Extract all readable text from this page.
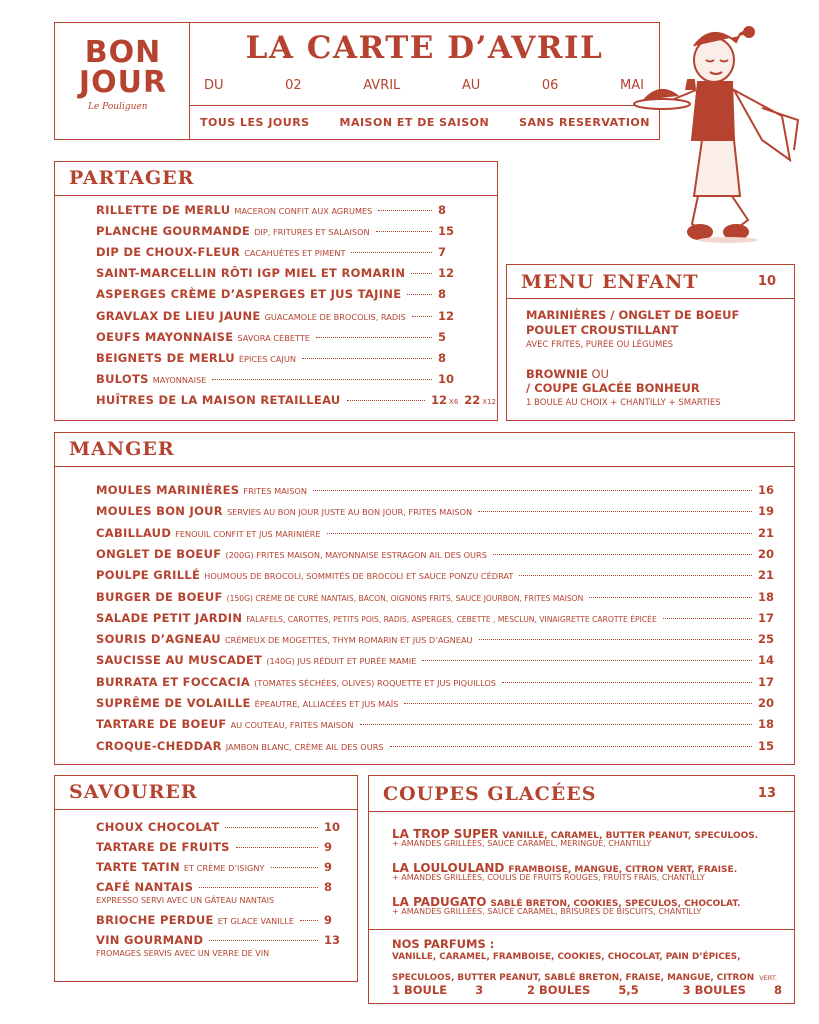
BON
JOUR
Le Pouliguen
LA CARTE D’AVRIL
DU	02	AVRIL	AU	06	MAI
TOUS LES JOURS	MAISON ET DE SAISON	SANS RESERVATION
PARTAGER
RILLETTE DE MERLU MACERON CONFIT AUX AGRUMES	8
PLANCHE GOURMANDE DIP, FRITURES ET SALAISON	15
DIP DE CHOUX-FLEUR CACAHUÈTES ET PIMENT	7
SAINT-MARCELLIN RÔTI IGP MIEL ET ROMARIN	12
ASPERGES CRÈME D’ASPERGES ET JUS TAJINE	8
GRAVLAX DE LIEU JAUNE GUACAMOLE DE BROCOLIS, RADIS	12
OEUFS MAYONNAISE SAVORA CÉBETTE	5
BEIGNETS DE MERLU ÉPICES CAJUN	8
BULOTS MAYONNAISE	10
HUÎTRES DE LA MAISON RETAILLEAU	12 X6 22 X12
MENU ENFANT	10
MARINIÈRES / ONGLET DE BOEUF
POULET CROUSTILLANT
AVEC FRITES, PURÉE OU LÉGUMES
BROWNIE OU
/ COUPE GLACÉE BONHEUR
1 BOULE AU CHOIX + CHANTILLY + SMARTIES
MANGER
MOULES MARINIÈRES FRITES MAISON	16
MOULES BON JOUR SERVIES AU BON JOUR JUSTE AU BON JOUR, FRITES MAISON	19
CABILLAUD FENOUIL CONFIT ET JUS MARINIÈRE	21
ONGLET DE BOEUF (200G) FRITES MAISON, MAYONNAISE ESTRAGON AIL DES OURS	20
POULPE GRILLÉ HOUMOUS DE BROCOLI, SOMMITÉS DE BROCOLI ET SAUCE PONZU CÉDRAT	21
BURGER DE BOEUF (150G) CRÈME DE CURÉ NANTAIS, BACON, OIGNONS FRITS, SAUCE JOURBON, FRITES MAISON	18
SALADE PETIT JARDIN FALAFELS, CAROTTES, PETITS POIS, RADIS, ASPERGES, CEBETTE , MESCLUN, VINAIGRETTE CAROTTE ÉPICÉE	17
SOURIS D’AGNEAU CRÉMEUX DE MOGETTES, THYM ROMARIN ET JUS D’AGNEAU	25
SAUCISSE AU MUSCADET (140G) JUS RÉDUIT ET PURÉE MAMIE	14
BURRATA ET FOCCACIA (TOMATES SÉCHÉES, OLIVES) ROQUETTE ET JUS PIQUILLOS	17
SUPRÊME DE VOLAILLE ÉPEAUTRE, ALLIACÉES ET JUS MAÏS	20
TARTARE DE BOEUF AU COUTEAU, FRITES MAISON	18
CROQUE-CHEDDAR JAMBON BLANC, CRÈME AIL DES OURS	15
SAVOURER
CHOUX CHOCOLAT	10
TARTARE DE FRUITS	9
TARTE TATIN ET CRÈME D’ISIGNY	9
CAFÉ NANTAIS	8
EXPRESSO SERVI AVEC UN GÂTEAU NANTAIS
BRIOCHE PERDUE ET GLACE VANILLE	9
VIN GOURMAND	13
FROMAGES SERVIS AVEC UN VERRE DE VIN
COUPES GLACÉES	13
LA TROP SUPER VANILLE, CARAMEL, BUTTER PEANUT, SPECULOOS.
+ AMANDES GRILLÉES, SAUCE CARAMEL, MERINGUE, CHANTILLY
LA LOULOULAND FRAMBOISE, MANGUE, CITRON VERT, FRAISE.
+ AMANDES GRILLÉES, COULIS DE FRUITS ROUGES, FRUITS FRAIS, CHANTILLY
LA PADUGATO SABLÉ BRETON, COOKIES, SPECULOS, CHOCOLAT.
+ AMANDES GRILLÉES, SAUCE CARAMEL, BRISURES DE BISCUITS, CHANTILLY
NOS PARFUMS :
VANILLE, CARAMEL, FRAMBOISE, COOKIES, CHOCOLAT, PAIN D’ÉPICES,
SPECULOOS, BUTTER PEANUT, SABLÉ BRETON, FRAISE, MANGUE, CITRON VERT.
1 BOULE 3	2 BOULES 5,5	3 BOULES 8
